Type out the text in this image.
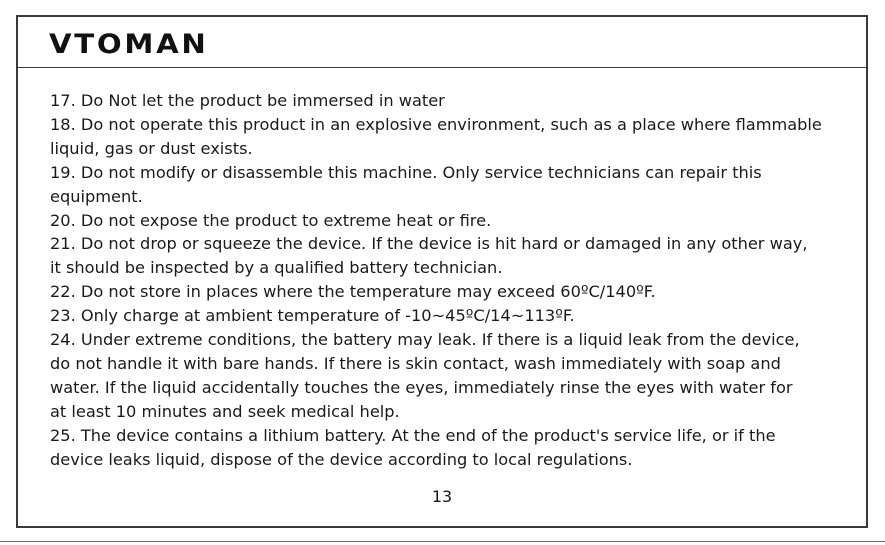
VTOMAN

17. Do Not let the product be immersed in water

18. Do not operate this product in an explosive environment, such as a place where flammable
liquid, gas or dust exists.

19. Do not modify or disassemble this machine. Only service technicians can repair this
equipment.

20. Do not expose the product to extreme heat or fire.

21. Do not drop or squeeze the device. If the device is hit hard or damaged in any other way,
it should be inspected by a qualified battery technician.

22. Do not store in places where the temperature may exceed 60ºC/140ºF.

23. Only charge at ambient temperature of -10~45ºC/14~113ºF.

24. Under extreme conditions, the battery may leak. If there is a liquid leak from the device,
do not handle it with bare hands. If there is skin contact, wash immediately with soap and
water. If the liquid accidentally touches the eyes, immediately rinse the eyes with water for
at least 10 minutes and seek medical help.

25. The device contains a lithium battery. At the end of the product's service life, or if the
device leaks liquid, dispose of the device according to local regulations.

13
